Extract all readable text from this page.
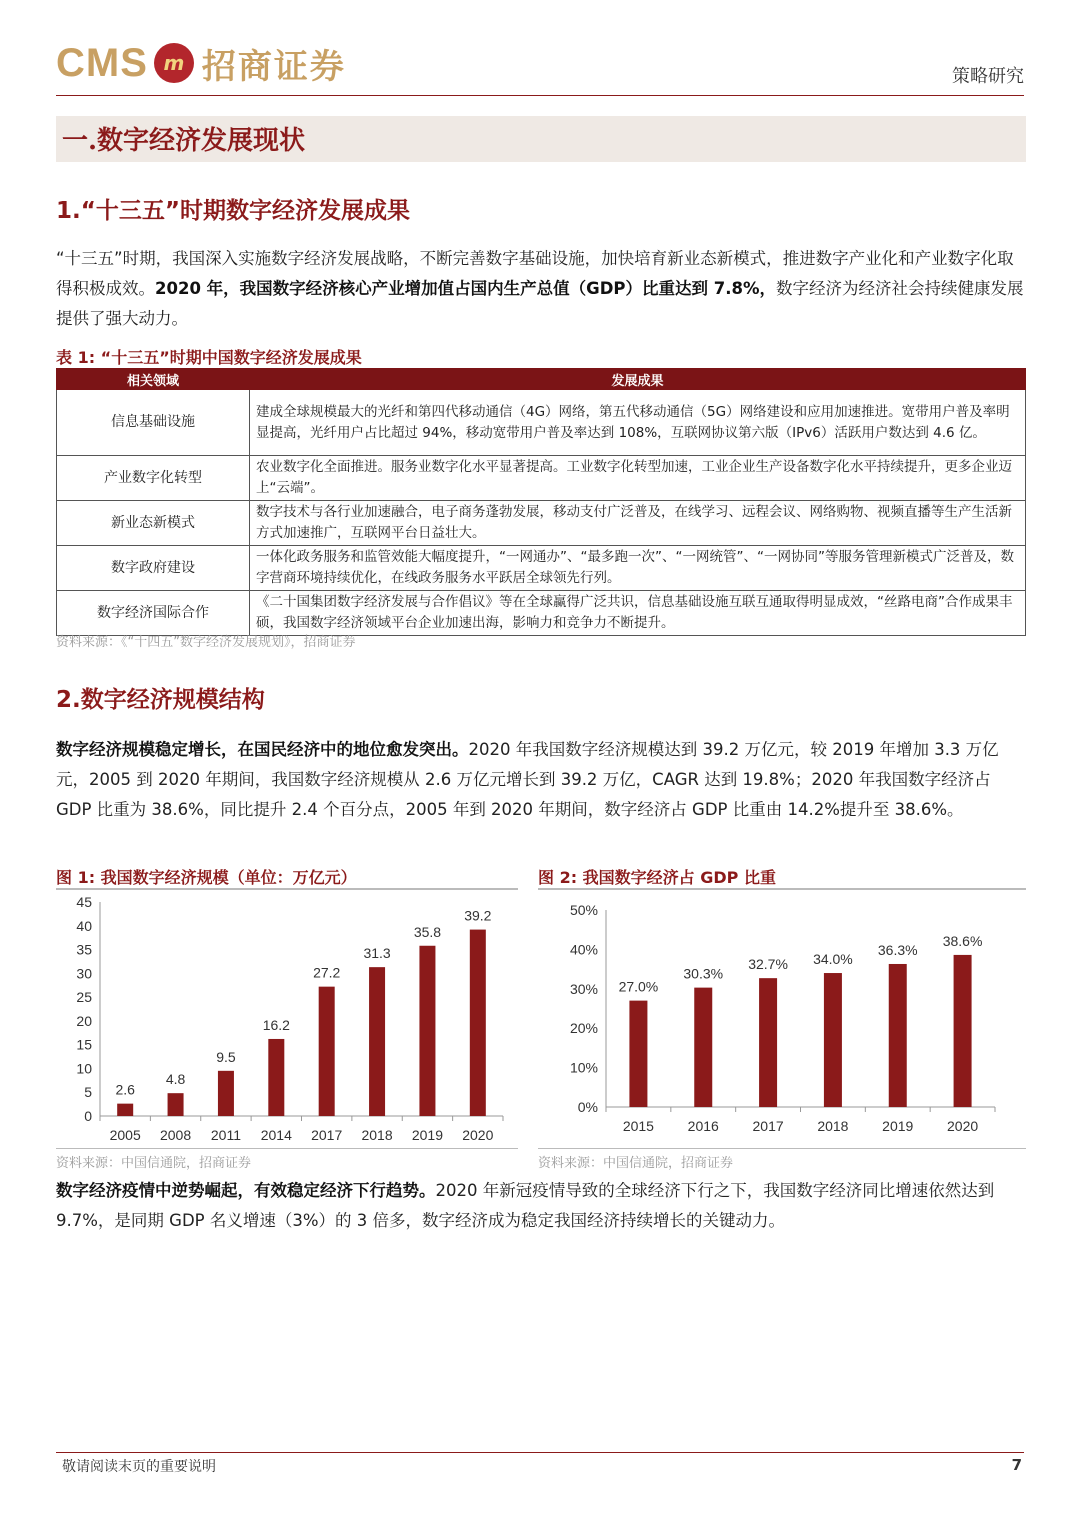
CMS m 招商证券	策略研究
一.数字经济发展现状
1.“十三五”时期数字经济发展成果
“十三五”时期，我国深入实施数字经济发展战略，不断完善数字基础设施，加快培育新业态新模式，推进数字产业化和产业数字化取得积极成效。2020 年，我国数字经济核心产业增加值占国内生产总值（GDP）比重达到 7.8%，数字经济为经济社会持续健康发展提供了强大动力。
表 1: “十三五”时期中国数字经济发展成果
相关领域	发展成果
信息基础设施	建成全球规模最大的光纤和第四代移动通信（4G）网络，第五代移动通信（5G）网络建设和应用加速推进。宽带用户普及率明显提高，光纤用户占比超过 94%，移动宽带用户普及率达到 108%，互联网协议第六版（IPv6）活跃用户数达到 4.6 亿。
产业数字化转型	农业数字化全面推进。服务业数字化水平显著提高。工业数字化转型加速，工业企业生产设备数字化水平持续提升，更多企业迈上“云端”。
新业态新模式	数字技术与各行业加速融合，电子商务蓬勃发展，移动支付广泛普及，在线学习、远程会议、网络购物、视频直播等生产生活新方式加速推广，互联网平台日益壮大。
数字政府建设	一体化政务服务和监管效能大幅度提升，“一网通办”、“最多跑一次”、“一网统管”、“一网协同”等服务管理新模式广泛普及，数字营商环境持续优化，在线政务服务水平跃居全球领先行列。
数字经济国际合作	《二十国集团数字经济发展与合作倡议》等在全球赢得广泛共识，信息基础设施互联互通取得明显成效，“丝路电商”合作成果丰硕，我国数字经济领域平台企业加速出海，影响力和竞争力不断提升。
资料来源：《“十四五”数字经济发展规划》，招商证券
2.数字经济规模结构
数字经济规模稳定增长，在国民经济中的地位愈发突出。2020 年我国数字经济规模达到 39.2 万亿元，较 2019 年增加 3.3 万亿元，2005 到 2020 年期间，我国数字经济规模从 2.6 万亿元增长到 39.2 万亿，CAGR 达到 19.8%；2020 年我国数字经济占 GDP 比重为 38.6%，同比提升 2.4 个百分点，2005 年到 2020 年期间，数字经济占 GDP 比重由 14.2%提升至 38.6%。
图 1: 我国数字经济规模（单位：万亿元）	图 2: 我国数字经济占 GDP 比重
0
5
10
15
20
25
30
35
40
45
2005 2008 2011 2014 2017 2018 2019 2020
2.6
4.8
9.5
16.2
27.2
31.3
35.8
39.2
0%
10%
20%
30%
40%
50%
2015 2016 2017 2018 2019 2020
27.0%
30.3%
32.7% 34.0%
36.3%
38.6%
资料来源：中国信通院，招商证券	资料来源：中国信通院，招商证券
数字经济疫情中逆势崛起，有效稳定经济下行趋势。2020 年新冠疫情导致的全球经济下行之下，我国数字经济同比增速依然达到 9.7%，是同期 GDP 名义增速（3%）的 3 倍多，数字经济成为稳定我国经济持续增长的关键动力。
敬请阅读末页的重要说明	7
